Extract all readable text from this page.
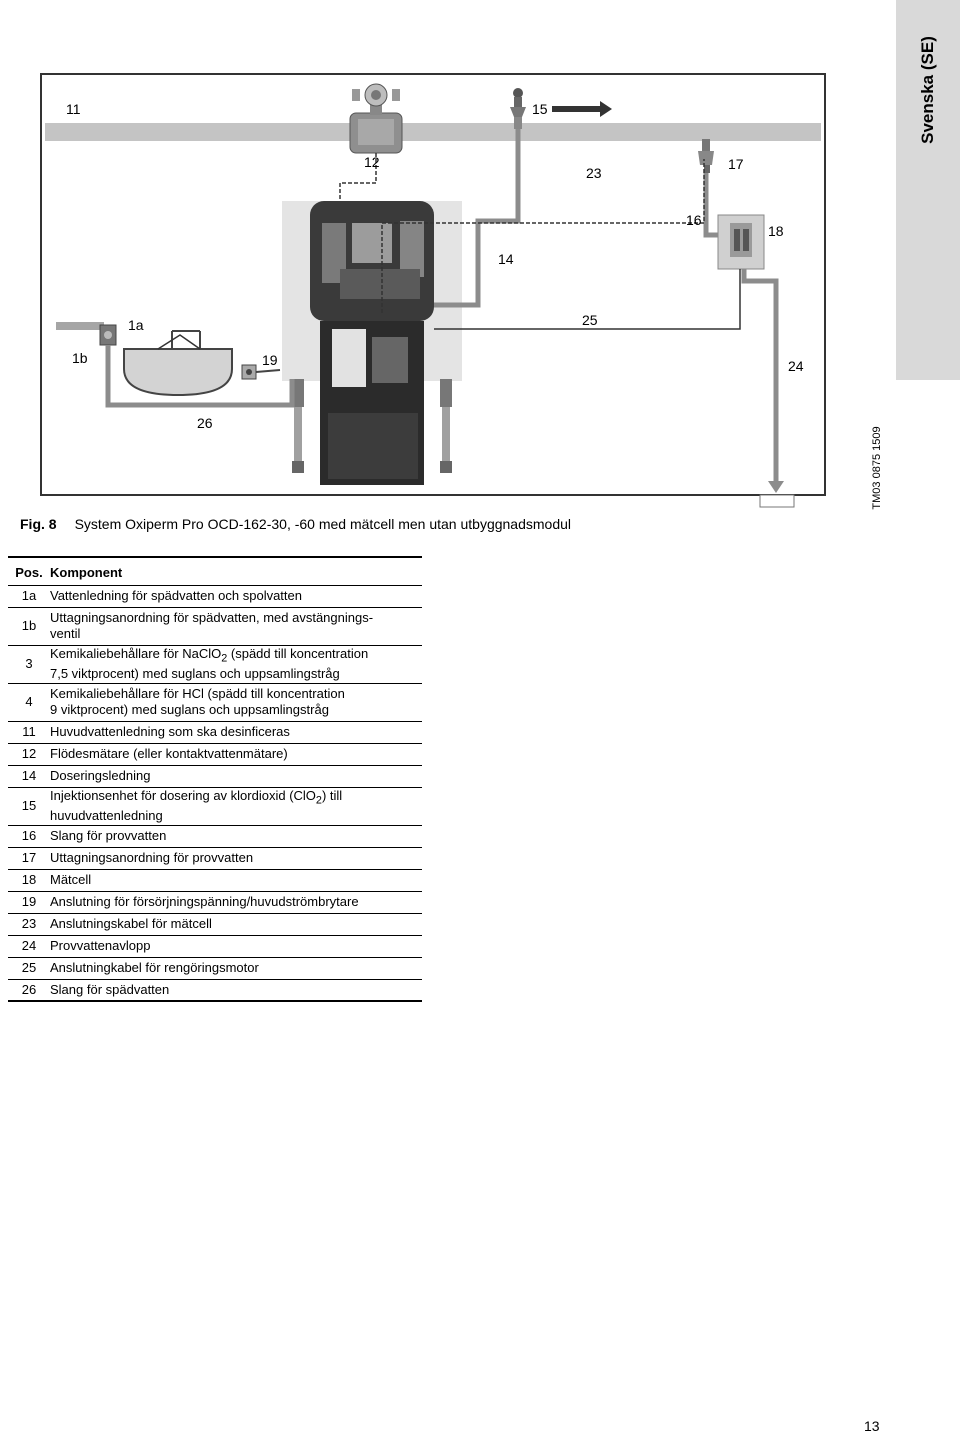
Svenska (SE)
TM03 0875 1509
11
12
15
23
17
16
18
14
1a	25
1b	19	24
26
Fig. 8 System Oxiperm Pro OCD-162-30, -60 med mätcell men utan utbyggnadsmodul
Pos.	Komponent
1a	Vattenledning för spädvatten och spolvatten
1b	Uttagningsanordning för spädvatten, med avstängnings-
ventil
3	Kemikaliebehållare för NaClO$_2$ (spädd till koncentration
7,5 viktprocent) med suglans och uppsamlingstråg
4	Kemikaliebehållare för HCl (spädd till koncentration
9 viktprocent) med suglans och uppsamlingstråg
11	Huvudvattenledning som ska desinficeras
12	Flödesmätare (eller kontaktvattenmätare)
14	Doseringsledning
15	Injektionsenhet för dosering av klordioxid (ClO$_2$) till
huvudvattenledning
16	Slang för provvatten
17	Uttagningsanordning för provvatten
18	Mätcell
19	Anslutning för försörjningspänning/huvudströmbrytare
23	Anslutningskabel för mätcell
24	Provvattenavlopp
25	Anslutningkabel för rengöringsmotor
26	Slang för spädvatten
13
